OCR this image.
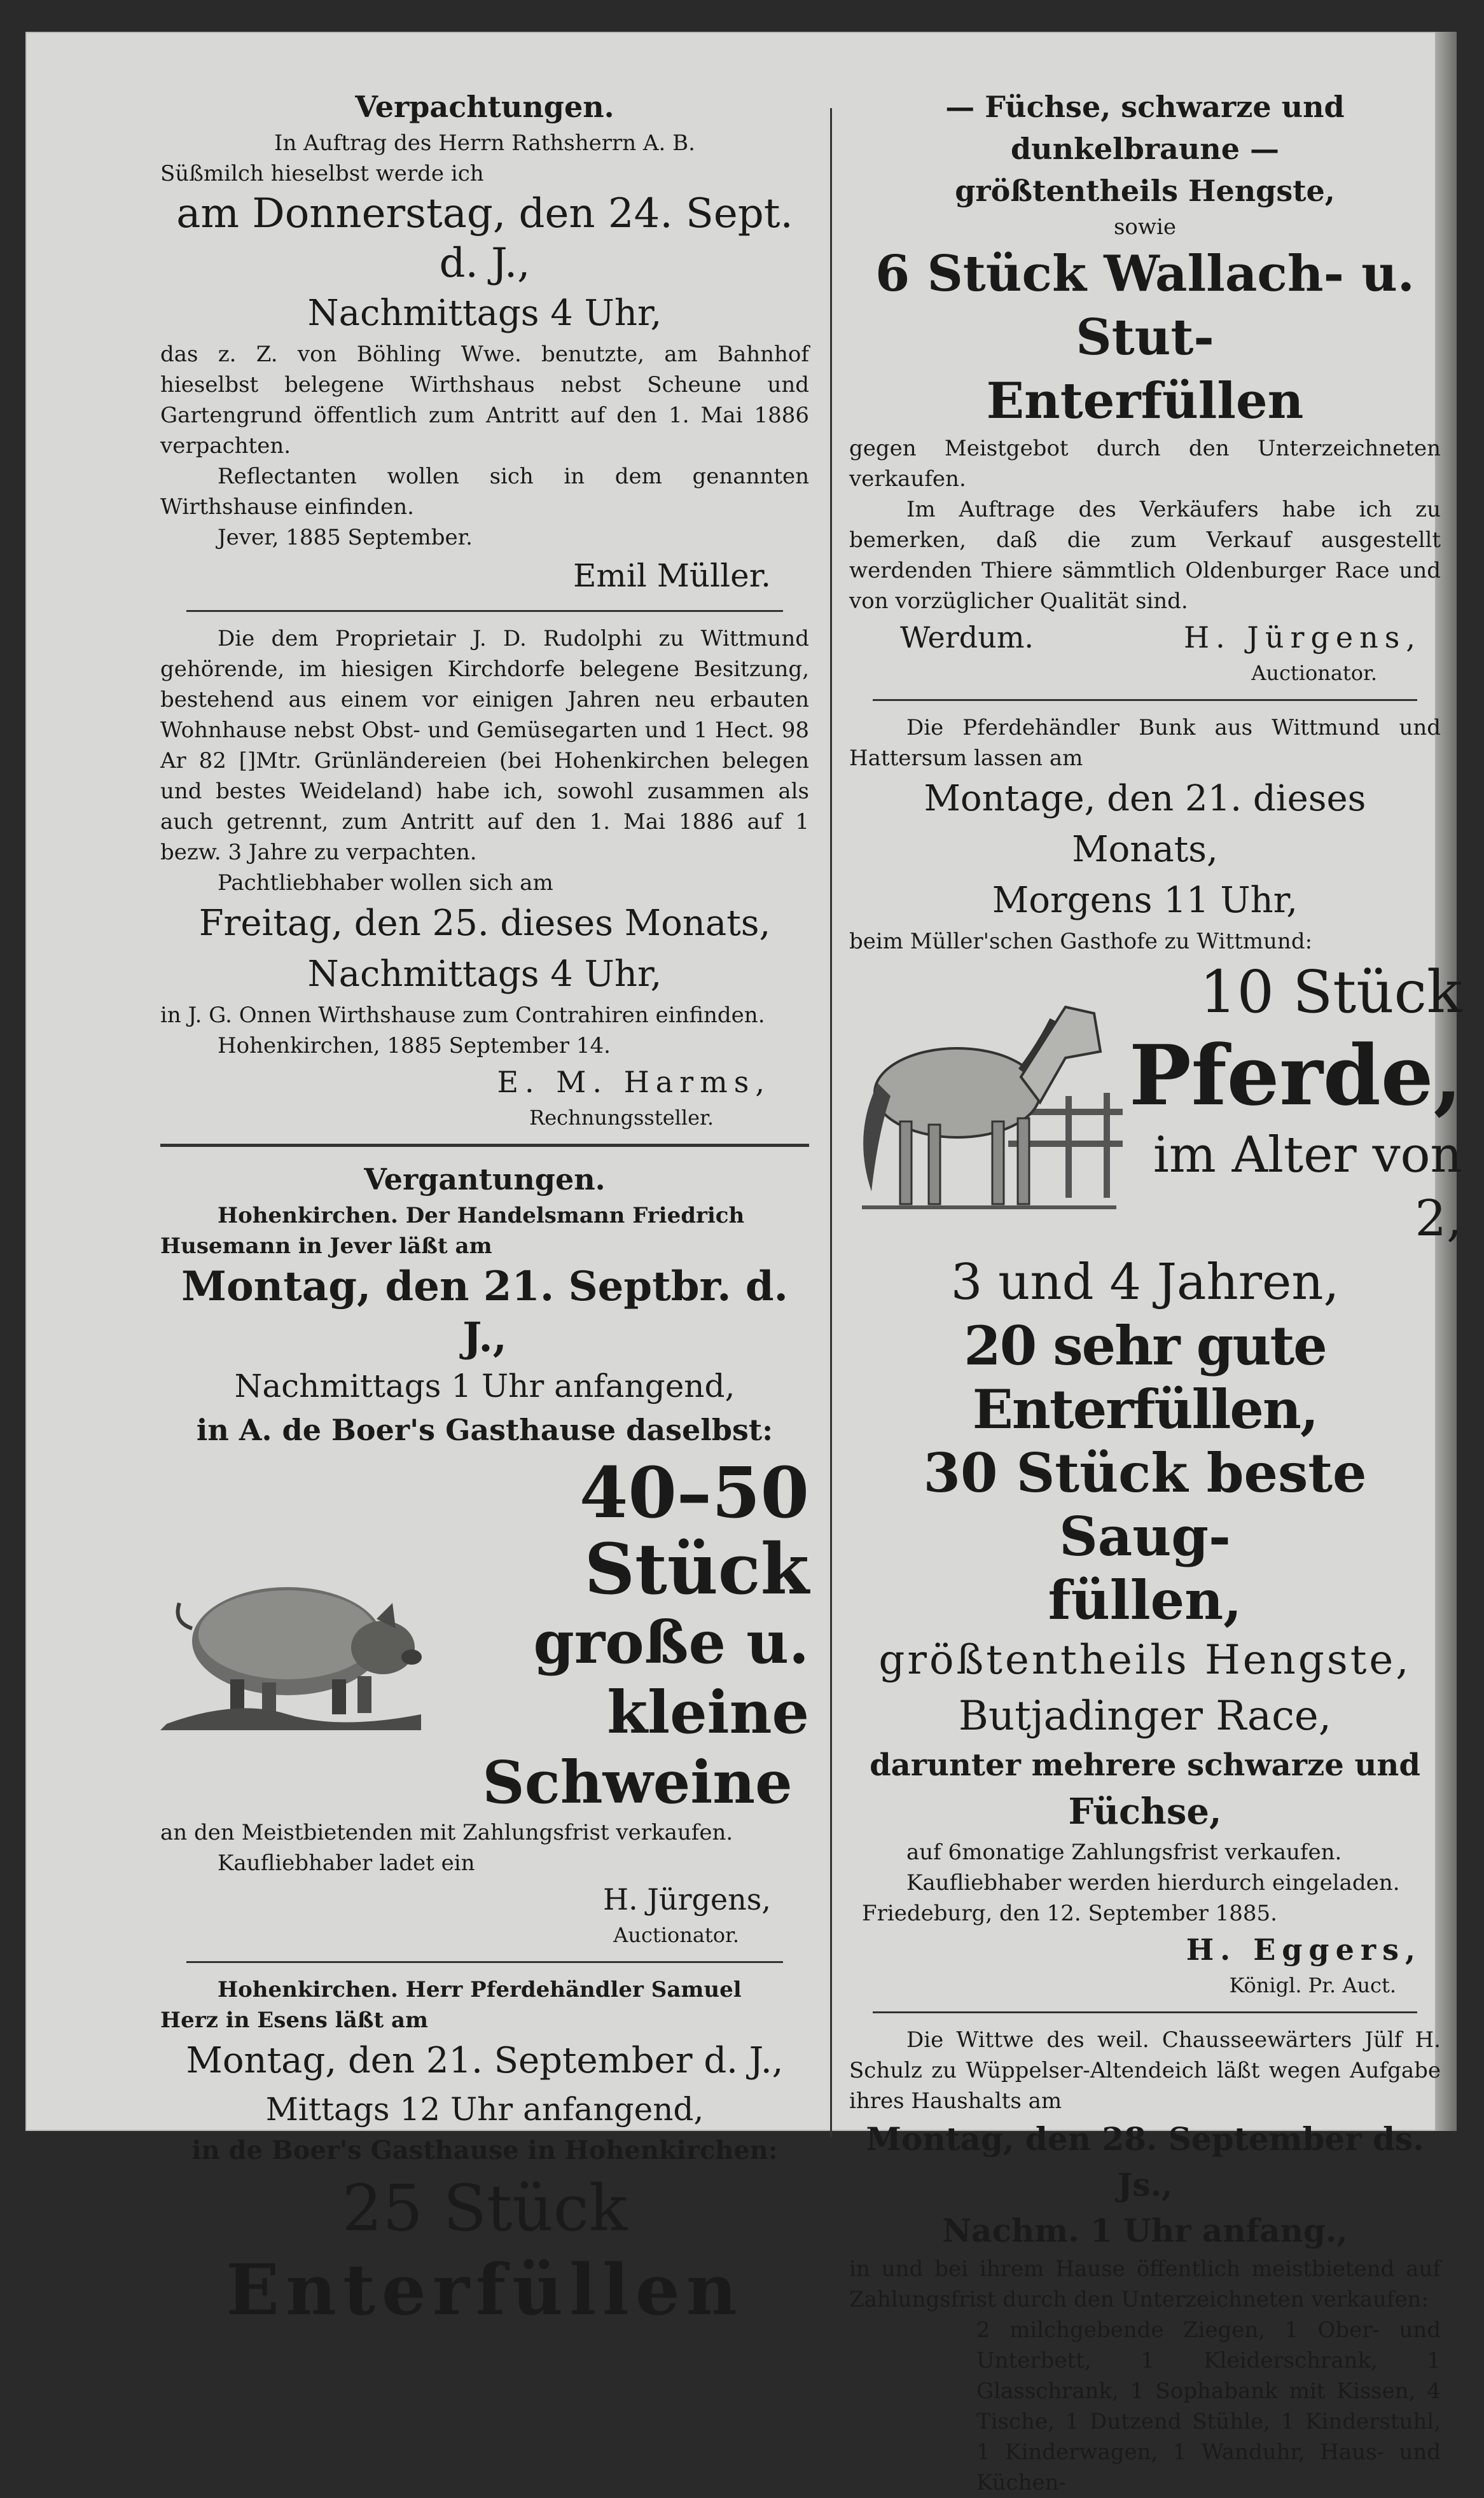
Verpachtungen.
In Auftrag des Herrn Rathsherrn A. B.
Süßmilch hieselbst werde ich
am Donnerstag, den 24. Sept. d. J.,
Nachmittags 4 Uhr,
das z. Z. von Böhling Wwe. benutzte, am Bahnhof hieselbst belegene Wirthshaus nebst Scheune und Gartengrund öffentlich zum Antritt auf den 1. Mai 1886 verpachten.
Reflectanten wollen sich in dem genannten Wirthshause einfinden.
Jever, 1885 September.
Emil Müller.
Die dem Proprietair J. D. Rudolphi zu Wittmund gehörende, im hiesigen Kirchdorfe belegene Besitzung, bestehend aus einem vor einigen Jahren neu erbauten Wohnhause nebst Obst- und Gemüsegarten und 1 Hect. 98 Ar 82 []Mtr. Grünländereien (bei Hohenkirchen belegen und bestes Weideland) habe ich, sowohl zusammen als auch getrennt, zum Antritt auf den 1. Mai 1886 auf 1 bezw. 3 Jahre zu verpachten.
Pachtliebhaber wollen sich am
Freitag, den 25. dieses Monats,
Nachmittags 4 Uhr,
in J. G. Onnen Wirthshause zum Contrahiren einfinden.
Hohenkirchen, 1885 September 14.
E. M. Harms,
Rechnungssteller.
Vergantungen.
Hohenkirchen. Der Handelsmann Friedrich
Husemann in Jever läßt am
Montag, den 21. Septbr. d. J.,
Nachmittags 1 Uhr anfangend,
in A. de Boer's Gasthause daselbst:
40–50 Stück
große u. kleine
Schweine
an den Meistbietenden mit Zahlungsfrist verkaufen.
Kaufliebhaber ladet ein
H. Jürgens,
Auctionator.
Hohenkirchen. Herr Pferdehändler Samuel
Herz in Esens läßt am
Montag, den 21. September d. J.,
Mittags 12 Uhr anfangend,
in de Boer's Gasthause in Hohenkirchen:
25 Stück
Enterfüllen
— Füchse, schwarze und dunkelbraune —
größtentheils Hengste,
sowie
6 Stück Wallach- u. Stut-
Enterfüllen
gegen Meistgebot durch den Unterzeichneten verkaufen.
Im Auftrage des Verkäufers habe ich zu bemerken, daß die zum Verkauf ausgestellt werdenden Thiere sämmtlich Oldenburger Race und von vorzüglicher Qualität sind.
Werdum.	H. Jürgens,
Auctionator.
Die Pferdehändler Bunk aus Wittmund und Hattersum lassen am
Montage, den 21. dieses Monats,
Morgens 11 Uhr,
beim Müller'schen Gasthofe zu Wittmund:
10 Stück
Pferde,
im Alter von 2,
3 und 4 Jahren,
20 sehr gute Enterfüllen,
30 Stück beste Saug-
füllen,
größtentheils Hengste,
Butjadinger Race,
darunter mehrere schwarze und
Füchse,
auf 6monatige Zahlungsfrist verkaufen.
Kaufliebhaber werden hierdurch eingeladen.
Friedeburg, den 12. September 1885.
H. Eggers,
Königl. Pr. Auct.
Die Wittwe des weil. Chausseewärters Jülf H. Schulz zu Wüppelser-Altendeich läßt wegen Aufgabe ihres Haushalts am
Montag, den 28. September ds. Js.,
Nachm. 1 Uhr anfang.,
in und bei ihrem Hause öffentlich meistbietend auf Zahlungsfrist durch den Unterzeichneten verkaufen:
2 milchgebende Ziegen, 1 Ober- und Unterbett, 1 Kleiderschrank, 1 Glasschrank, 1 Sophabank mit Kissen, 4 Tische, 1 Dutzend Stühle, 1 Kinderstuhl, 1 Kinderwagen, 1 Wanduhr, Haus- und Küchen-
